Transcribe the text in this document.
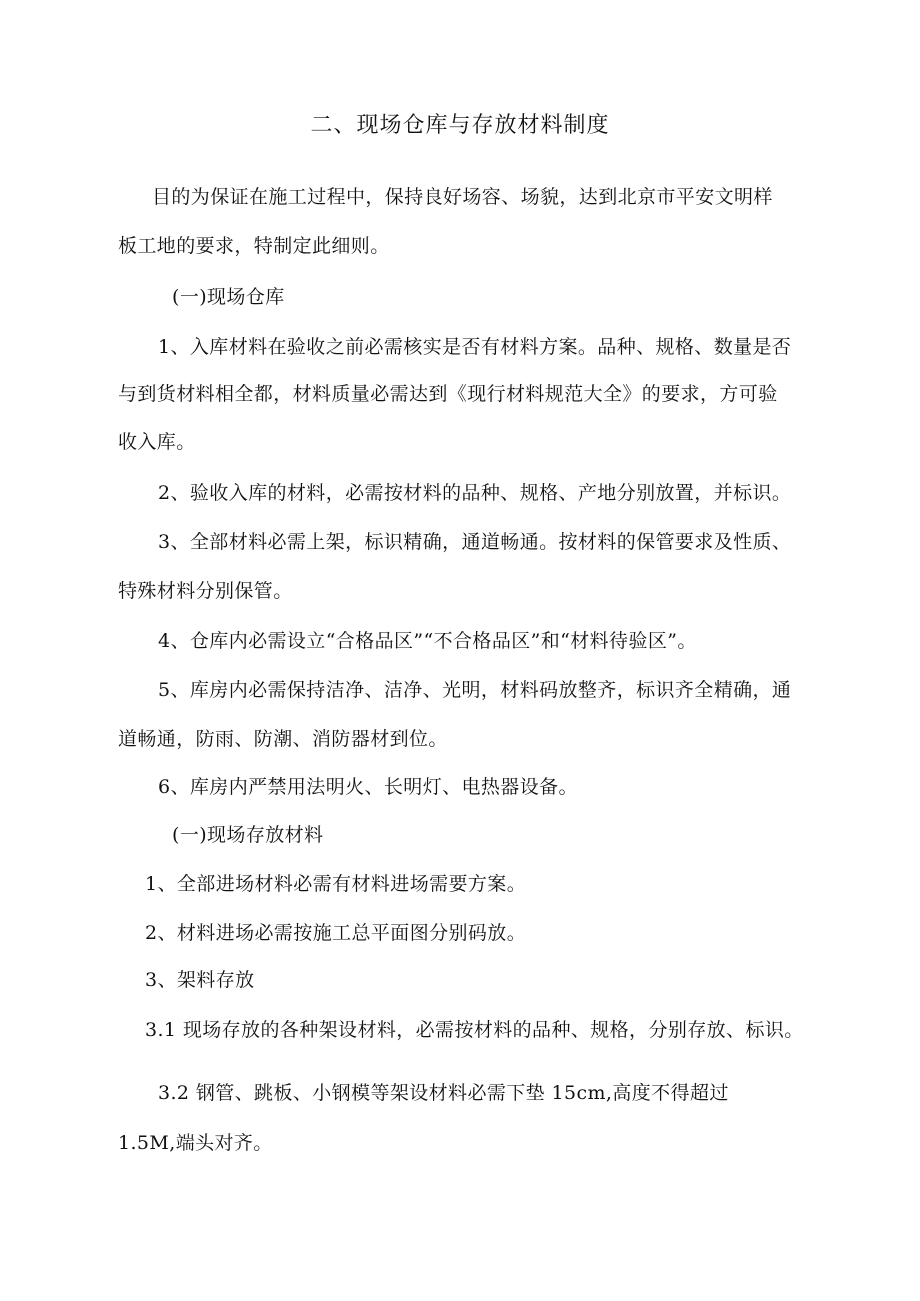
二、现场仓库与存放材料制度
目的为保证在施工过程中，保持良好场容、场貌，达到北京市平安文明样
板工地的要求，特制定此细则。
(一)现场仓库
1、入库材料在验收之前必需核实是否有材料方案。品种、规格、数量是否
与到货材料相全都，材料质量必需达到《现行材料规范大全》的要求，方可验
收入库。
2、验收入库的材料，必需按材料的品种、规格、产地分别放置，并标识。
3、全部材料必需上架，标识精确，通道畅通。按材料的保管要求及性质、
特殊材料分别保管。
4、仓库内必需设立“合格品区”“不合格品区”和“材料待验区”。
5、库房内必需保持洁净、洁净、光明，材料码放整齐，标识齐全精确，通
道畅通，防雨、防潮、消防器材到位。
6、库房内严禁用法明火、长明灯、电热器设备。
(一)现场存放材料
1、全部进场材料必需有材料进场需要方案。
2、材料进场必需按施工总平面图分别码放。
3、架料存放
3.1 现场存放的各种架设材料，必需按材料的品种、规格，分别存放、标识。
3.2 钢管、跳板、小钢模等架设材料必需下垫 15cm,高度不得超过
1.5M,端头对齐。
